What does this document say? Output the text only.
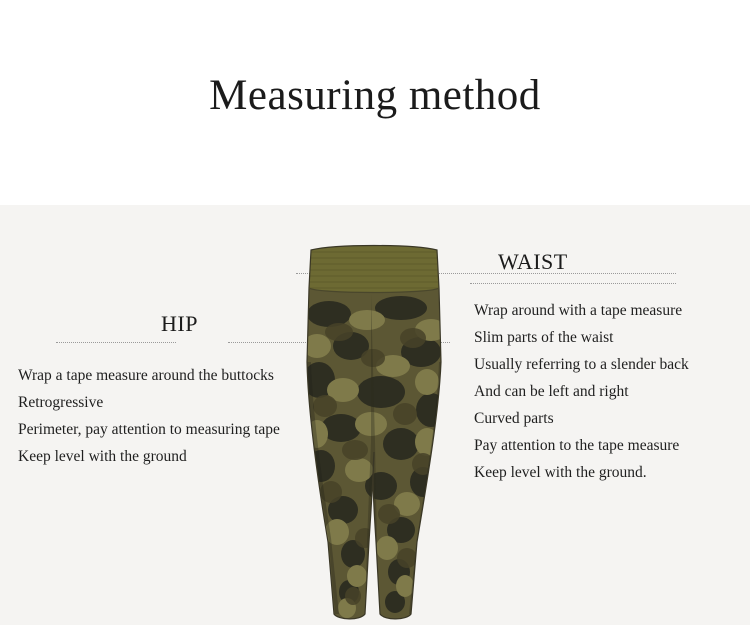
Measuring method
WAIST
Wrap around with a tape measure
Slim parts of the waist
Usually referring to a slender back
And can be left and right
Curved parts
Pay attention to the tape measure
Keep level with the ground.
HIP
Wrap a tape measure around the buttocks
Retrogressive
Perimeter, pay attention to measuring tape
Keep level with the ground
